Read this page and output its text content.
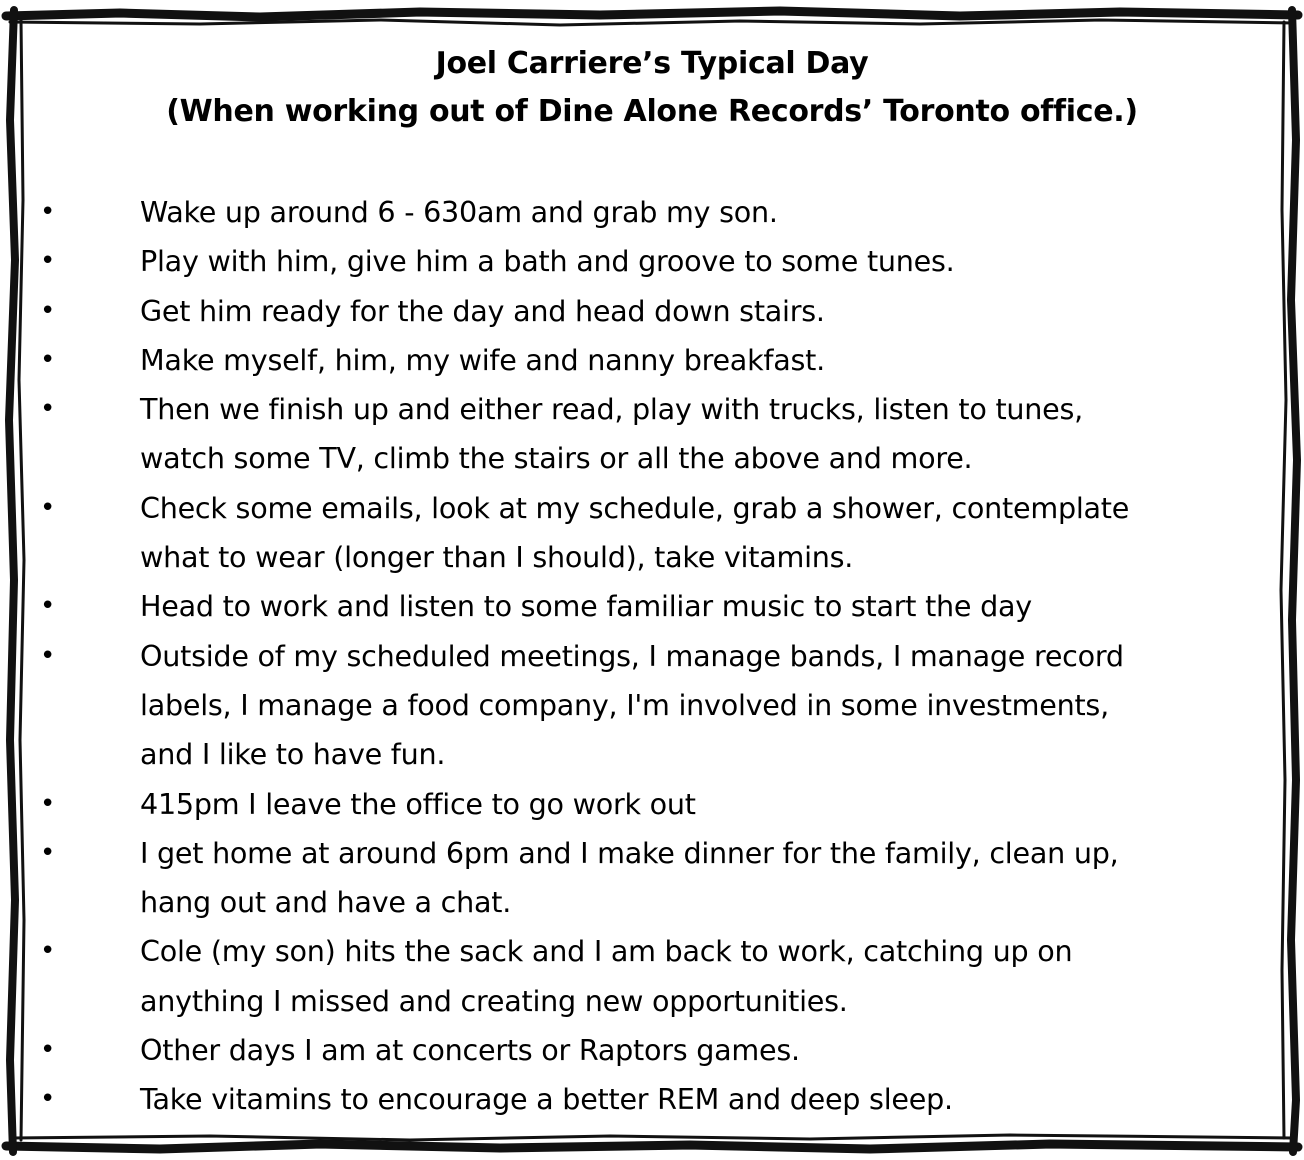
Joel Carriere’s Typical Day
(When working out of Dine Alone Records’ Toronto office.)
•	Wake up around 6 - 630am and grab my son.
•	Play with him, give him a bath and groove to some tunes.
•	Get him ready for the day and head down stairs.
•	Make myself, him, my wife and nanny breakfast.
•	Then we finish up and either read, play with trucks, listen to tunes,
watch some TV, climb the stairs or all the above and more.
•	Check some emails, look at my schedule, grab a shower, contemplate
what to wear (longer than I should), take vitamins.
•	Head to work and listen to some familiar music to start the day
•	Outside of my scheduled meetings, I manage bands, I manage record
labels, I manage a food company, I'm involved in some investments,
and I like to have fun.
•	415pm I leave the office to go work out
•	I get home at around 6pm and I make dinner for the family, clean up,
hang out and have a chat.
•	Cole (my son) hits the sack and I am back to work, catching up on
anything I missed and creating new opportunities.
•	Other days I am at concerts or Raptors games.
•	Take vitamins to encourage a better REM and deep sleep.
